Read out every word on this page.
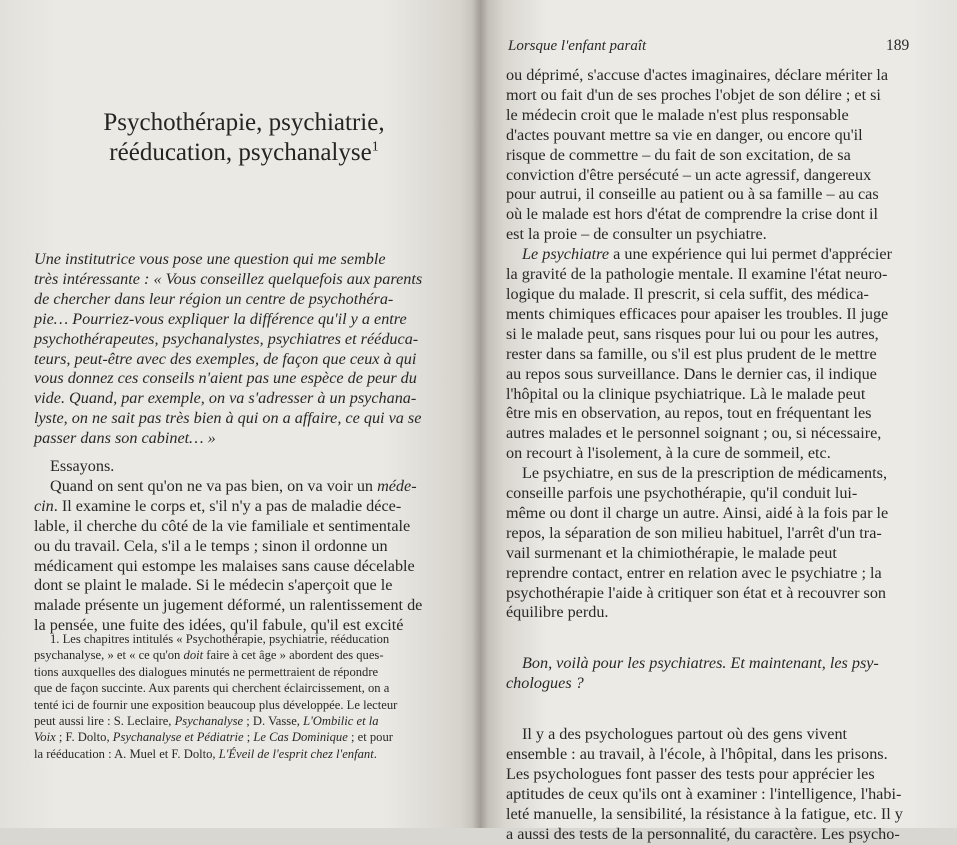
Psychothérapie, psychiatrie,
rééducation, psychanalyse$^1$
Une institutrice vous pose une question qui me semble
très intéressante : « Vous conseillez quelquefois aux parents
de chercher dans leur région un centre de psychothéra-
pie… Pourriez-vous expliquer la différence qu'il y a entre
psychothérapeutes, psychanalystes, psychiatres et rééduca-
teurs, peut-être avec des exemples, de façon que ceux à qui
vous donnez ces conseils n'aient pas une espèce de peur du
vide. Quand, par exemple, on va s'adresser à un psychana-
lyste, on ne sait pas très bien à qui on a affaire, ce qui va se
passer dans son cabinet… »
Essayons.
Quand on sent qu'on ne va pas bien, on va voir un méde-
cin. Il examine le corps et, s'il n'y a pas de maladie déce-
lable, il cherche du côté de la vie familiale et sentimentale
ou du travail. Cela, s'il a le temps ; sinon il ordonne un
médicament qui estompe les malaises sans cause décelable
dont se plaint le malade. Si le médecin s'aperçoit que le
malade présente un jugement déformé, un ralentissement de
la pensée, une fuite des idées, qu'il fabule, qu'il est excité
1. Les chapitres intitulés « Psychothérapie, psychiatrie, rééducation
psychanalyse, » et « ce qu'on doit faire à cet âge » abordent des ques-
tions auxquelles des dialogues minutés ne permettraient de répondre
que de façon succinte. Aux parents qui cherchent éclaircissement, on a
tenté ici de fournir une exposition beaucoup plus développée. Le lecteur
peut aussi lire : S. Leclaire, Psychanalyse ; D. Vasse, L'Ombilic et la
Voix ; F. Dolto, Psychanalyse et Pédiatrie ; Le Cas Dominique ; et pour
la rééducation : A. Muel et F. Dolto, L'Éveil de l'esprit chez l'enfant.
Lorsque l'enfant paraît	189
ou déprimé, s'accuse d'actes imaginaires, déclare mériter la
mort ou fait d'un de ses proches l'objet de son délire ; et si
le médecin croit que le malade n'est plus responsable
d'actes pouvant mettre sa vie en danger, ou encore qu'il
risque de commettre – du fait de son excitation, de sa
conviction d'être persécuté – un acte agressif, dangereux
pour autrui, il conseille au patient ou à sa famille – au cas
où le malade est hors d'état de comprendre la crise dont il
est la proie – de consulter un psychiatre.
Le psychiatre a une expérience qui lui permet d'apprécier
la gravité de la pathologie mentale. Il examine l'état neuro-
logique du malade. Il prescrit, si cela suffit, des médica-
ments chimiques efficaces pour apaiser les troubles. Il juge
si le malade peut, sans risques pour lui ou pour les autres,
rester dans sa famille, ou s'il est plus prudent de le mettre
au repos sous surveillance. Dans le dernier cas, il indique
l'hôpital ou la clinique psychiatrique. Là le malade peut
être mis en observation, au repos, tout en fréquentant les
autres malades et le personnel soignant ; ou, si nécessaire,
on recourt à l'isolement, à la cure de sommeil, etc.
Le psychiatre, en sus de la prescription de médicaments,
conseille parfois une psychothérapie, qu'il conduit lui-
même ou dont il charge un autre. Ainsi, aidé à la fois par le
repos, la séparation de son milieu habituel, l'arrêt d'un tra-
vail surmenant et la chimiothérapie, le malade peut
reprendre contact, entrer en relation avec le psychiatre ; la
psychothérapie l'aide à critiquer son état et à recouvrer son
équilibre perdu.
Bon, voilà pour les psychiatres. Et maintenant, les psy-
chologues ?
Il y a des psychologues partout où des gens vivent
ensemble : au travail, à l'école, à l'hôpital, dans les prisons.
Les psychologues font passer des tests pour apprécier les
aptitudes de ceux qu'ils ont à examiner : l'intelligence, l'habi-
leté manuelle, la sensibilité, la résistance à la fatigue, etc. Il y
a aussi des tests de la personnalité, du caractère. Les psycho-
